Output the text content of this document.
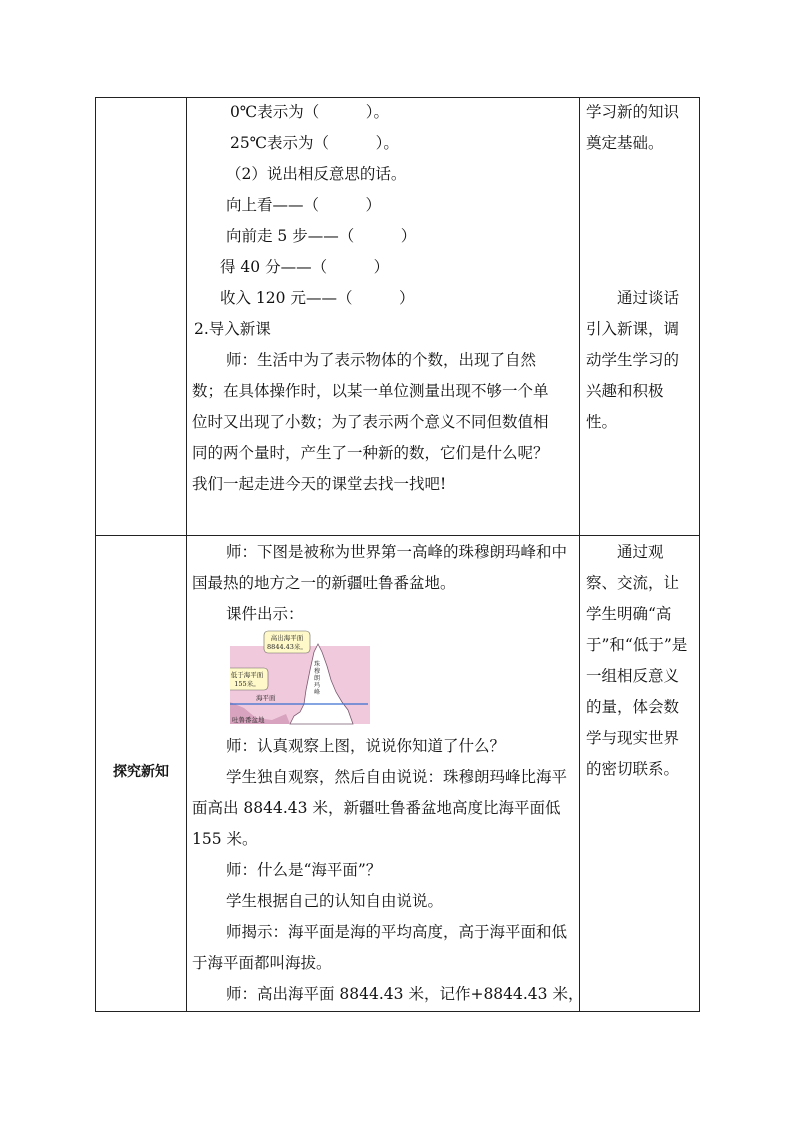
0℃表示为（　　　）。

25℃表示为（　　　）。

（2）说出相反意思的话。

向上看——（　　　）

向前走 5 步——（　　　）

得 40 分——（　　　）

收入 120 元——（　　　）

2.导入新课

师：生活中为了表示物体的个数，出现了自然

数；在具体操作时，以某一单位测量出现不够一个单

位时又出现了小数；为了表示两个意义不同但数值相

同的两个量时，产生了一种新的数，它们是什么呢？

我们一起走进今天的课堂去找一找吧!

学习新的知识奠定基础。

通过谈话引入新课，调动学生学习的兴趣和积极性。

探究新知

师：下图是被称为世界第一高峰的珠穆朗玛峰和中

国最热的地方之一的新疆吐鲁番盆地。

课件出示：

高出海平面
8844.43米。
低于海平面
155米。
珠
穆
朗
玛
峰
海平面
吐鲁番盆地

师：认真观察上图，说说你知道了什么？

学生独自观察，然后自由说说：珠穆朗玛峰比海平

面高出 8844.43 米，新疆吐鲁番盆地高度比海平面低

155 米。

师：什么是“海平面”？

学生根据自己的认知自由说说。

师揭示：海平面是海的平均高度，高于海平面和低

于海平面都叫海拔。

师：高出海平面 8844.43 米，记作+8844.43 米，

通过观察、交流，让学生明确“高于”和“低于”是一组相反意义的量，体会数学与现实世界的密切联系。
